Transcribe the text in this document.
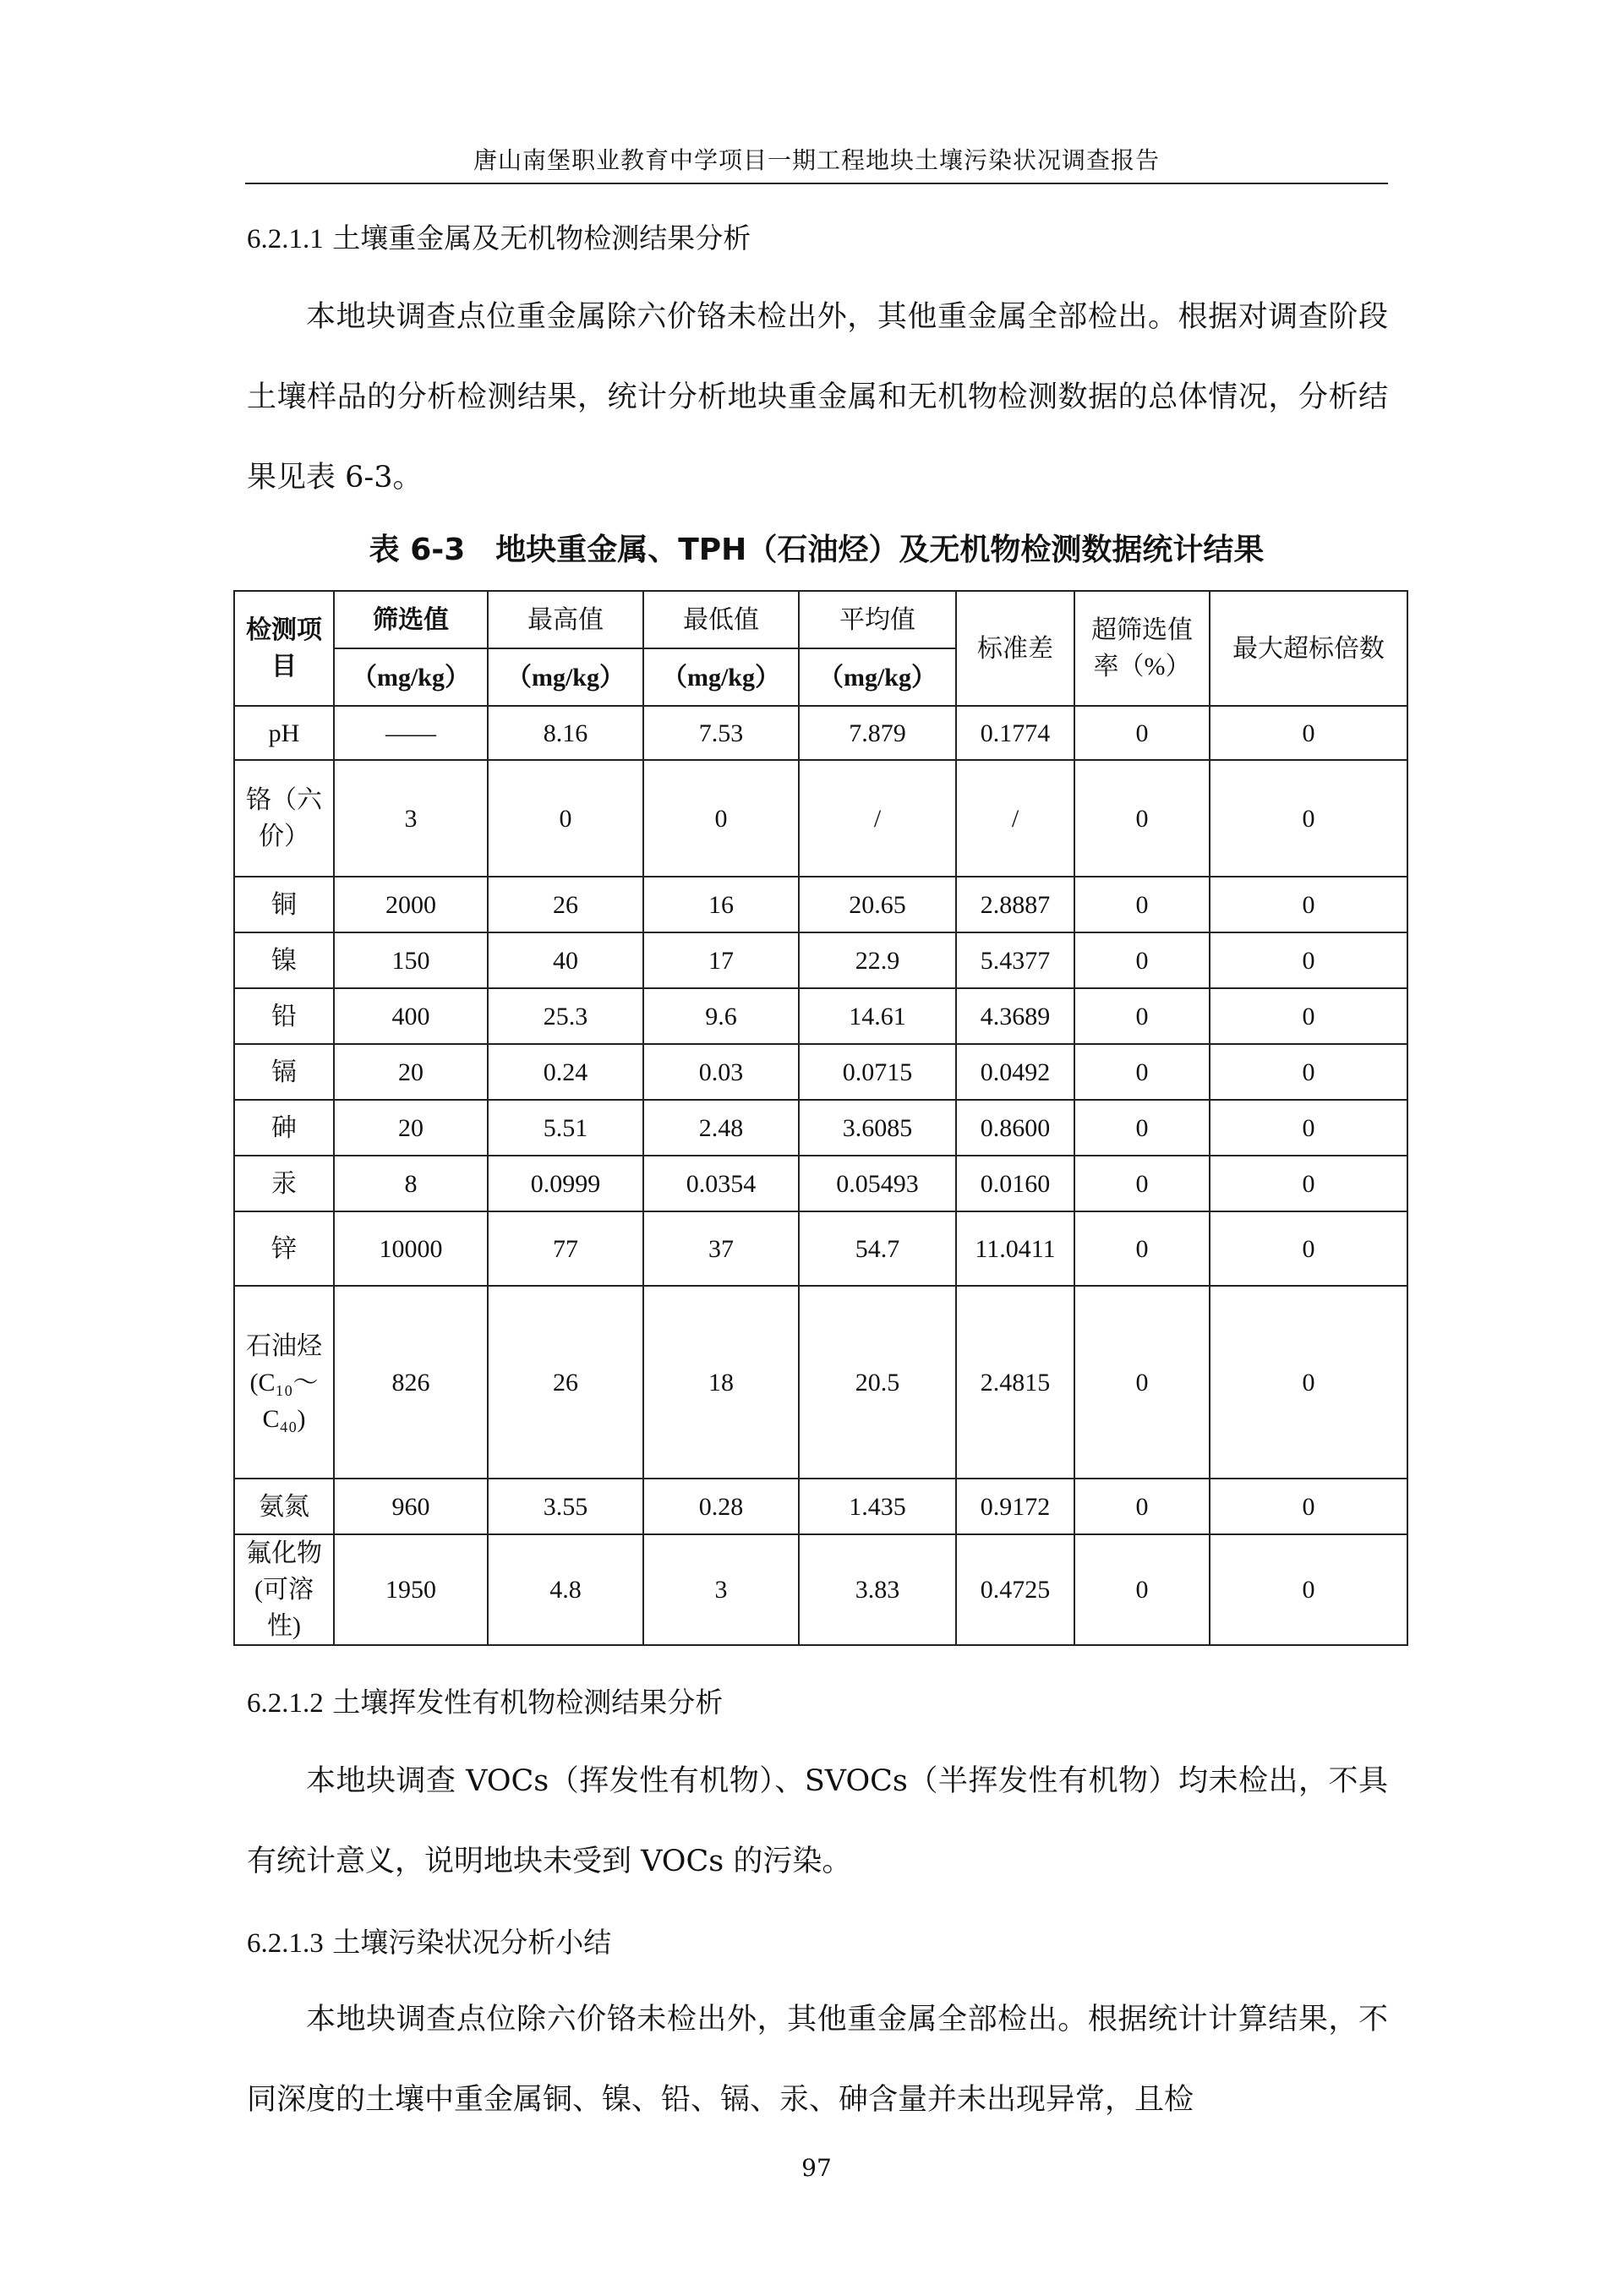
唐山南堡职业教育中学项目一期工程地块土壤污染状况调查报告
6.2.1.1 土壤重金属及无机物检测结果分析

本地块调查点位重金属除六价铬未检出外，其他重金属全部检出。根据对调查阶段土壤样品的分析检测结果，统计分析地块重金属和无机物检测数据的总体情况，分析结果见表 6-3。

表 6-3　地块重金属、TPH（石油烃）及无机物检测数据统计结果
检测项目	筛选值	最高值	最低值	平均值	标准差	超筛选值率（%）	最大超标倍数
	（mg/kg）	（mg/kg）	（mg/kg）	（mg/kg）			
pH	——	8.16	7.53	7.879	0.1774	0	0
铬（六价）	3	0	0	/	/	0	0
铜	2000	26	16	20.65	2.8887	0	0
镍	150	40	17	22.9	5.4377	0	0
铅	400	25.3	9.6	14.61	4.3689	0	0
镉	20	0.24	0.03	0.0715	0.0492	0	0
砷	20	5.51	2.48	3.6085	0.8600	0	0
汞	8	0.0999	0.0354	0.05493	0.0160	0	0
锌	10000	77	37	54.7	11.0411	0	0
石油烃(C₁₀～C₄₀)	826	26	18	20.5	2.4815	0	0
氨氮	960	3.55	0.28	1.435	0.9172	0	0
氟化物(可溶性)	1950	4.8	3	3.83	0.4725	0	0
6.2.1.2 土壤挥发性有机物检测结果分析

本地块调查 VOCs（挥发性有机物）、SVOCs（半挥发性有机物）均未检出，不具有统计意义，说明地块未受到 VOCs 的污染。

6.2.1.3 土壤污染状况分析小结

本地块调查点位除六价铬未检出外，其他重金属全部检出。根据统计计算结果，不同深度的土壤中重金属铜、镍、铅、镉、汞、砷含量并未出现异常，且检

97
